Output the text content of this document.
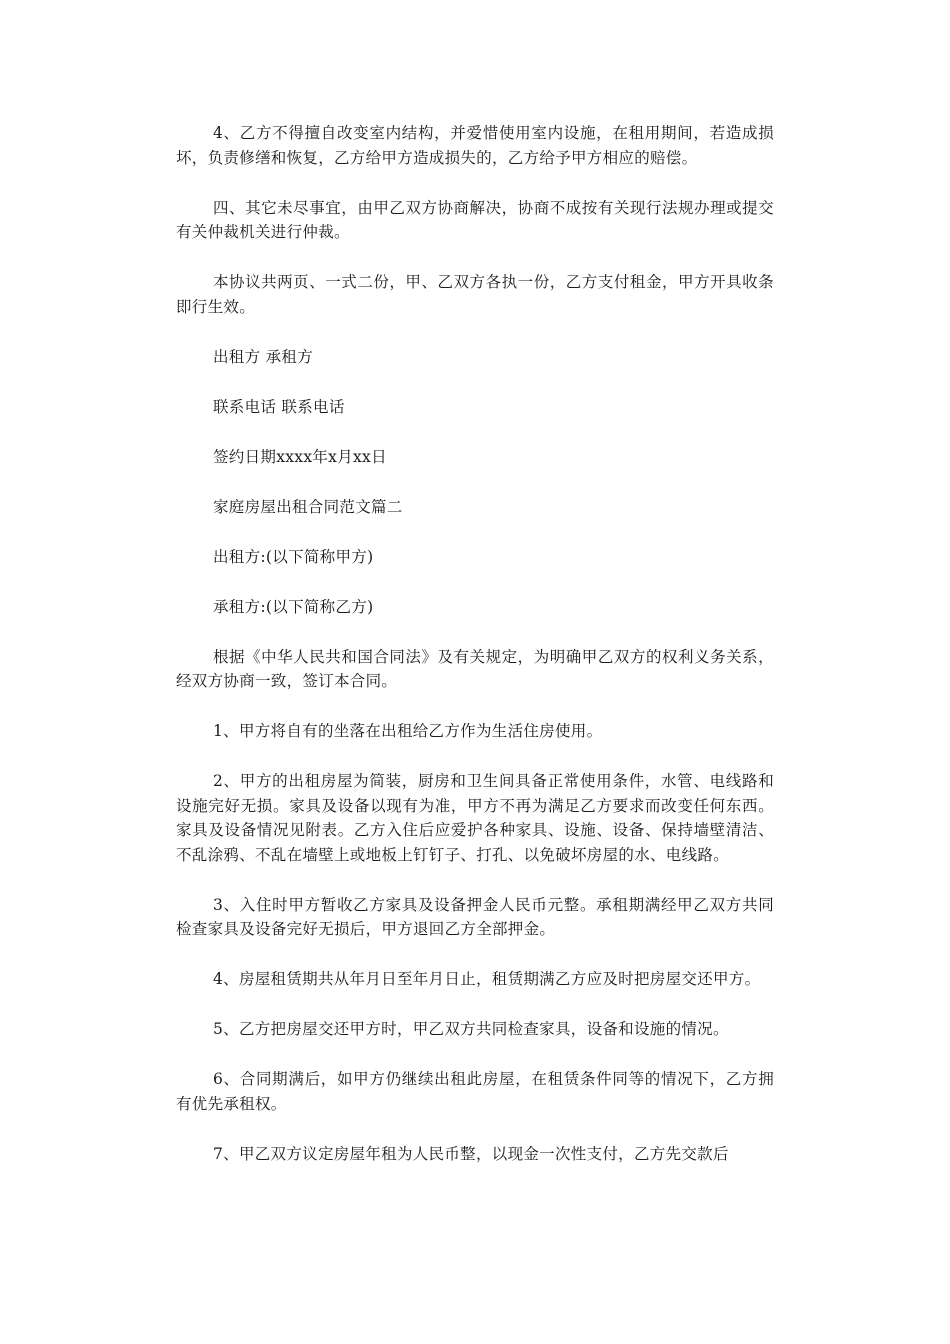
4、乙方不得擅自改变室内结构，并爱惜使用室内设施，在租用期间，若造成损坏，负责修缮和恢复，乙方给甲方造成损失的，乙方给予甲方相应的赔偿。

四、其它未尽事宜，由甲乙双方协商解决，协商不成按有关现行法规办理或提交有关仲裁机关进行仲裁。

本协议共两页、一式二份，甲、乙双方各执一份，乙方支付租金，甲方开具收条即行生效。

出租方 承租方

联系电话 联系电话

签约日期xxxx年x月xx日

家庭房屋出租合同范文篇二

出租方:(以下简称甲方)

承租方:(以下简称乙方)

根据《中华人民共和国合同法》及有关规定，为明确甲乙双方的权利义务关系，经双方协商一致，签订本合同。

1、甲方将自有的坐落在出租给乙方作为生活住房使用。

2、甲方的出租房屋为简装，厨房和卫生间具备正常使用条件，水管、电线路和设施完好无损。家具及设备以现有为准，甲方不再为满足乙方要求而改变任何东西。家具及设备情况见附表。乙方入住后应爱护各种家具、设施、设备、保持墙壁清洁、不乱涂鸦、不乱在墙壁上或地板上钉钉子、打孔、以免破坏房屋的水、电线路。

3、入住时甲方暂收乙方家具及设备押金人民币元整。承租期满经甲乙双方共同检查家具及设备完好无损后，甲方退回乙方全部押金。

4、房屋租赁期共从年月日至年月日止，租赁期满乙方应及时把房屋交还甲方。

5、乙方把房屋交还甲方时，甲乙双方共同检查家具，设备和设施的情况。

6、合同期满后，如甲方仍继续出租此房屋，在租赁条件同等的情况下，乙方拥有优先承租权。

7、甲乙双方议定房屋年租为人民币整，以现金一次性支付，乙方先交款后
